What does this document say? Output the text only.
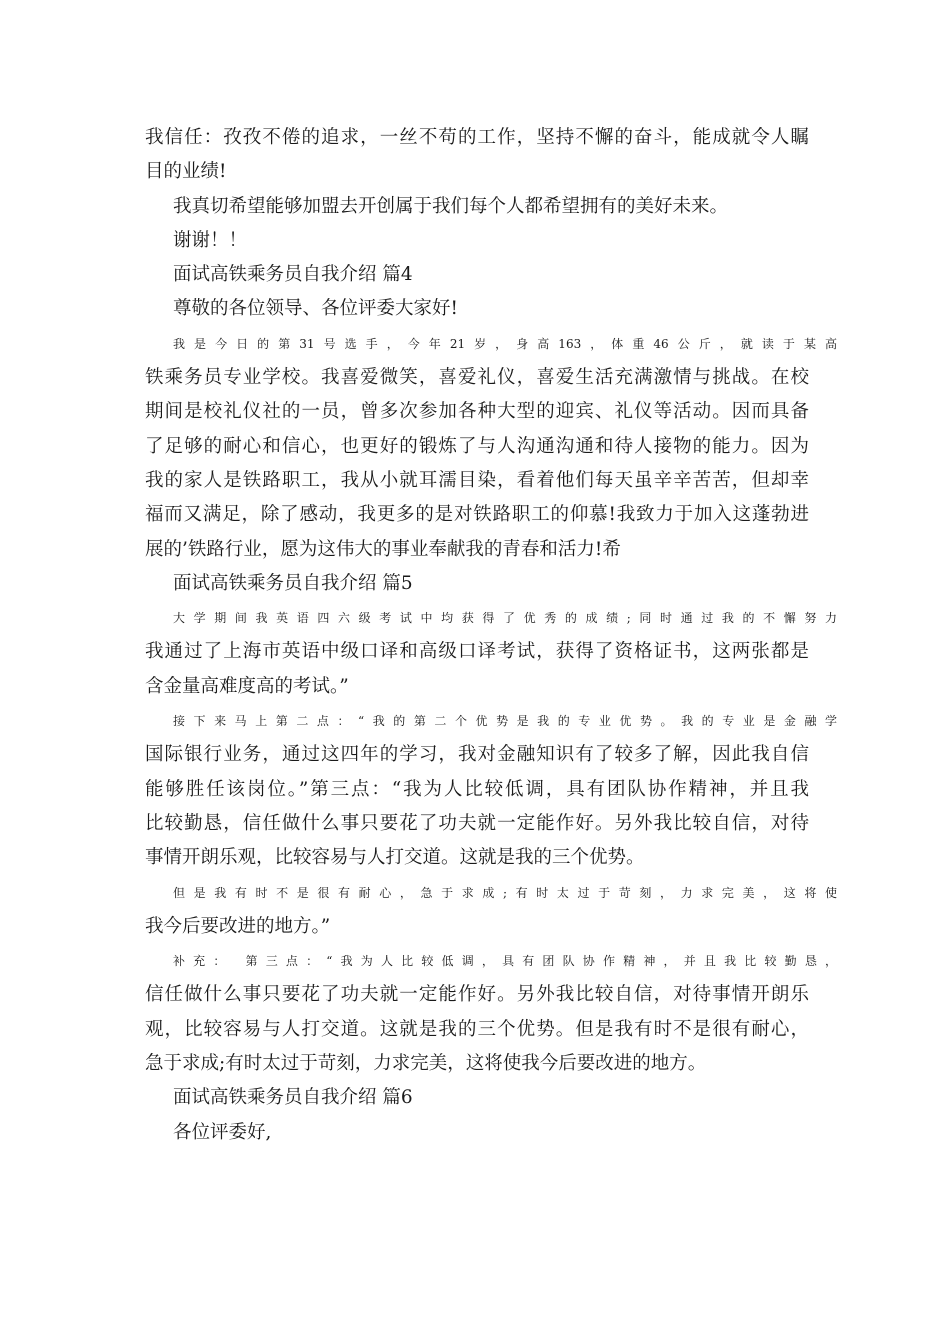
我信任：孜孜不倦的追求，一丝不苟的工作，坚持不懈的奋斗，能成就令人瞩
目的业绩!
我真切希望能够加盟去开创属于我们每个人都希望拥有的美好未来。
谢谢！！
面试高铁乘务员自我介绍 篇4
尊敬的各位领导、各位评委大家好!
我是今日的第31号选手，今年21岁，身高163，体重46公斤，就读于某高
铁乘务员专业学校。我喜爱微笑，喜爱礼仪，喜爱生活充满激情与挑战。在校
期间是校礼仪社的一员，曾多次参加各种大型的迎宾、礼仪等活动。因而具备
了足够的耐心和信心，也更好的锻炼了与人沟通沟通和待人接物的能力。因为
我的家人是铁路职工，我从小就耳濡目染，看着他们每天虽辛辛苦苦，但却幸
福而又满足，除了感动，我更多的是对铁路职工的仰慕!我致力于加入这蓬勃进
展的’铁路行业，愿为这伟大的事业奉献我的青春和活力!希
面试高铁乘务员自我介绍 篇5
大学期间我英语四六级考试中均获得了优秀的成绩;同时通过我的不懈努力
我通过了上海市英语中级口译和高级口译考试，获得了资格证书，这两张都是
含金量高难度高的考试。”
接下来马上第二点：“我的第二个优势是我的专业优势。我的专业是金融学
国际银行业务，通过这四年的学习，我对金融知识有了较多了解，因此我自信
能够胜任该岗位。”第三点：“我为人比较低调，具有团队协作精神，并且我
比较勤恳，信任做什么事只要花了功夫就一定能作好。另外我比较自信，对待
事情开朗乐观，比较容易与人打交道。这就是我的三个优势。
但是我有时不是很有耐心，急于求成;有时太过于苛刻，力求完美，这将使
我今后要改进的地方。”
补充： 第三点：“我为人比较低调，具有团队协作精神，并且我比较勤恳，
信任做什么事只要花了功夫就一定能作好。另外我比较自信，对待事情开朗乐
观，比较容易与人打交道。这就是我的三个优势。但是我有时不是很有耐心，
急于求成;有时太过于苛刻，力求完美，这将使我今后要改进的地方。
面试高铁乘务员自我介绍 篇6
各位评委好,
